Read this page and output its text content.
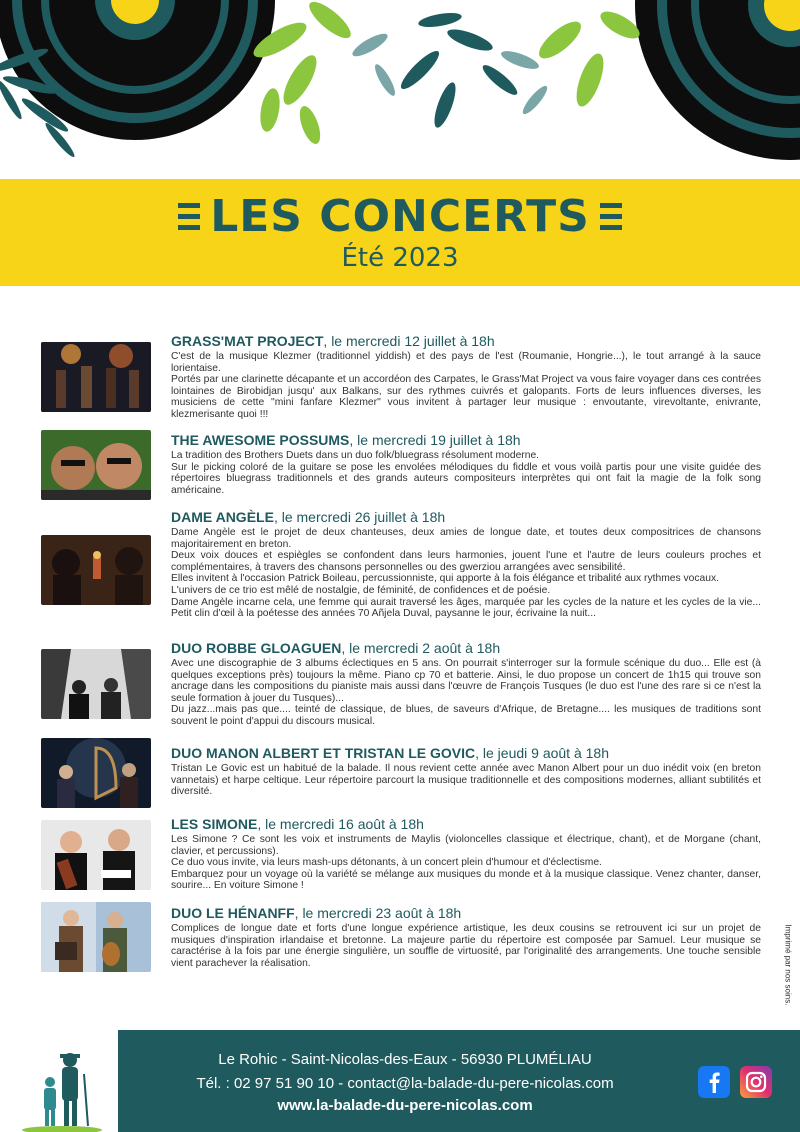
LES CONCERTS
Été 2023
GRASS'MAT PROJECT, le mercredi 12 juillet à 18h

C'est de la musique Klezmer (traditionnel yiddish) et des pays de l'est (Roumanie, Hongrie...), le tout arrangé à la sauce lorientaise.

Portés par une clarinette décapante et un accordéon des Carpates, le Grass'Mat Project va vous faire voyager dans ces contrées lointaines de Birobidjan jusqu' aux Balkans, sur des rythmes cuivrés et galopants. Forts de leurs influences diverses, les musiciens de cette "mini fanfare Klezmer" vous invitent à partager leur musique : envoutante, virevoltante, enivrante, klezmerisante quoi !!!

THE AWESOME POSSUMS, le mercredi 19 juillet à 18h

La tradition des Brothers Duets dans un duo folk/bluegrass résolument moderne.

Sur le picking coloré de la guitare se pose les envolées mélodiques du fiddle et vous voilà partis pour une visite guidée des répertoires bluegrass traditionnels et des grands auteurs compositeurs interprètes qui ont fait la magie de la folk song américaine.

DAME ANGÈLE, le mercredi 26 juillet à 18h

Dame Angèle est le projet de deux chanteuses, deux amies de longue date, et toutes deux compositrices de chansons majoritairement en breton.

Deux voix douces et espiègles se confondent dans leurs harmonies, jouent l'une et l'autre de leurs couleurs proches et complémentaires, à travers des chansons personnelles ou des gwerziou arrangées avec sensibilité.

Elles invitent à l'occasion Patrick Boileau, percussionniste, qui apporte à la fois élégance et tribalité aux rythmes vocaux.

L'univers de ce trio est mêlé de nostalgie, de féminité, de confidences et de poésie.

Dame Angèle incarne cela, une femme qui aurait traversé les âges, marquée par les cycles de la nature et les cycles de la vie... Petit clin d'œil à la poétesse des années 70 Añjela Duval, paysanne le jour, écrivaine la nuit...

DUO ROBBE GLOAGUEN, le mercredi 2 août à 18h

Avec une discographie de 3 albums éclectiques en 5 ans. On pourrait s'interroger sur la formule scénique du duo... Elle est (à quelques exceptions près) toujours la même. Piano cp 70 et batterie. Ainsi, le duo propose un concert de 1h15 qui trouve son ancrage dans les compositions du pianiste mais aussi dans l'œuvre de François Tusques (le duo est l'une des rare si ce n'est la seule formation à jouer du Tusques)...

Du jazz...mais pas que.... teinté de classique, de blues, de saveurs d'Afrique, de Bretagne.... les musiques de traditions sont souvent le point d'appui du discours musical.

DUO MANON ALBERT ET TRISTAN LE GOVIC, le jeudi 9 août à 18h

Tristan Le Govic est un habitué de la balade. Il nous revient cette année avec Manon Albert pour un duo inédit voix (en breton vannetais) et harpe celtique. Leur répertoire parcourt la musique traditionnelle et des compositions modernes, alliant subtilités et diversité.

LES SIMONE, le mercredi 16 août à 18h

Les Simone ? Ce sont les voix et instruments de Maylis (violoncelles classique et électrique, chant), et de Morgane (chant, clavier, et percussions).

Ce duo vous invite, via leurs mash-ups détonants, à un concert plein d'humour et d'éclectisme.

Embarquez pour un voyage où la variété se mélange aux musiques du monde et à la musique classique. Venez chanter, danser, sourire... En voiture Simone !

DUO LE HÉNANFF, le mercredi 23 août à 18h

Complices de longue date et forts d'une longue expérience artistique, les deux cousins se retrouvent ici sur un projet de musiques d'inspiration irlandaise et bretonne. La majeure partie du répertoire est composée par Samuel. Leur musique se caractérise à la fois par une énergie singulière, un souffle de virtuosité, par l'originalité des arrangements. Une touche sensible vient parachever la réalisation.	Imprimé par nos soins.
Le Rohic - Saint-Nicolas-des-Eaux - 56930 PLUMÉLIAU
Tél. : 02 97 51 90 10 - contact@la-balade-du-pere-nicolas.com
www.la-balade-du-pere-nicolas.com
